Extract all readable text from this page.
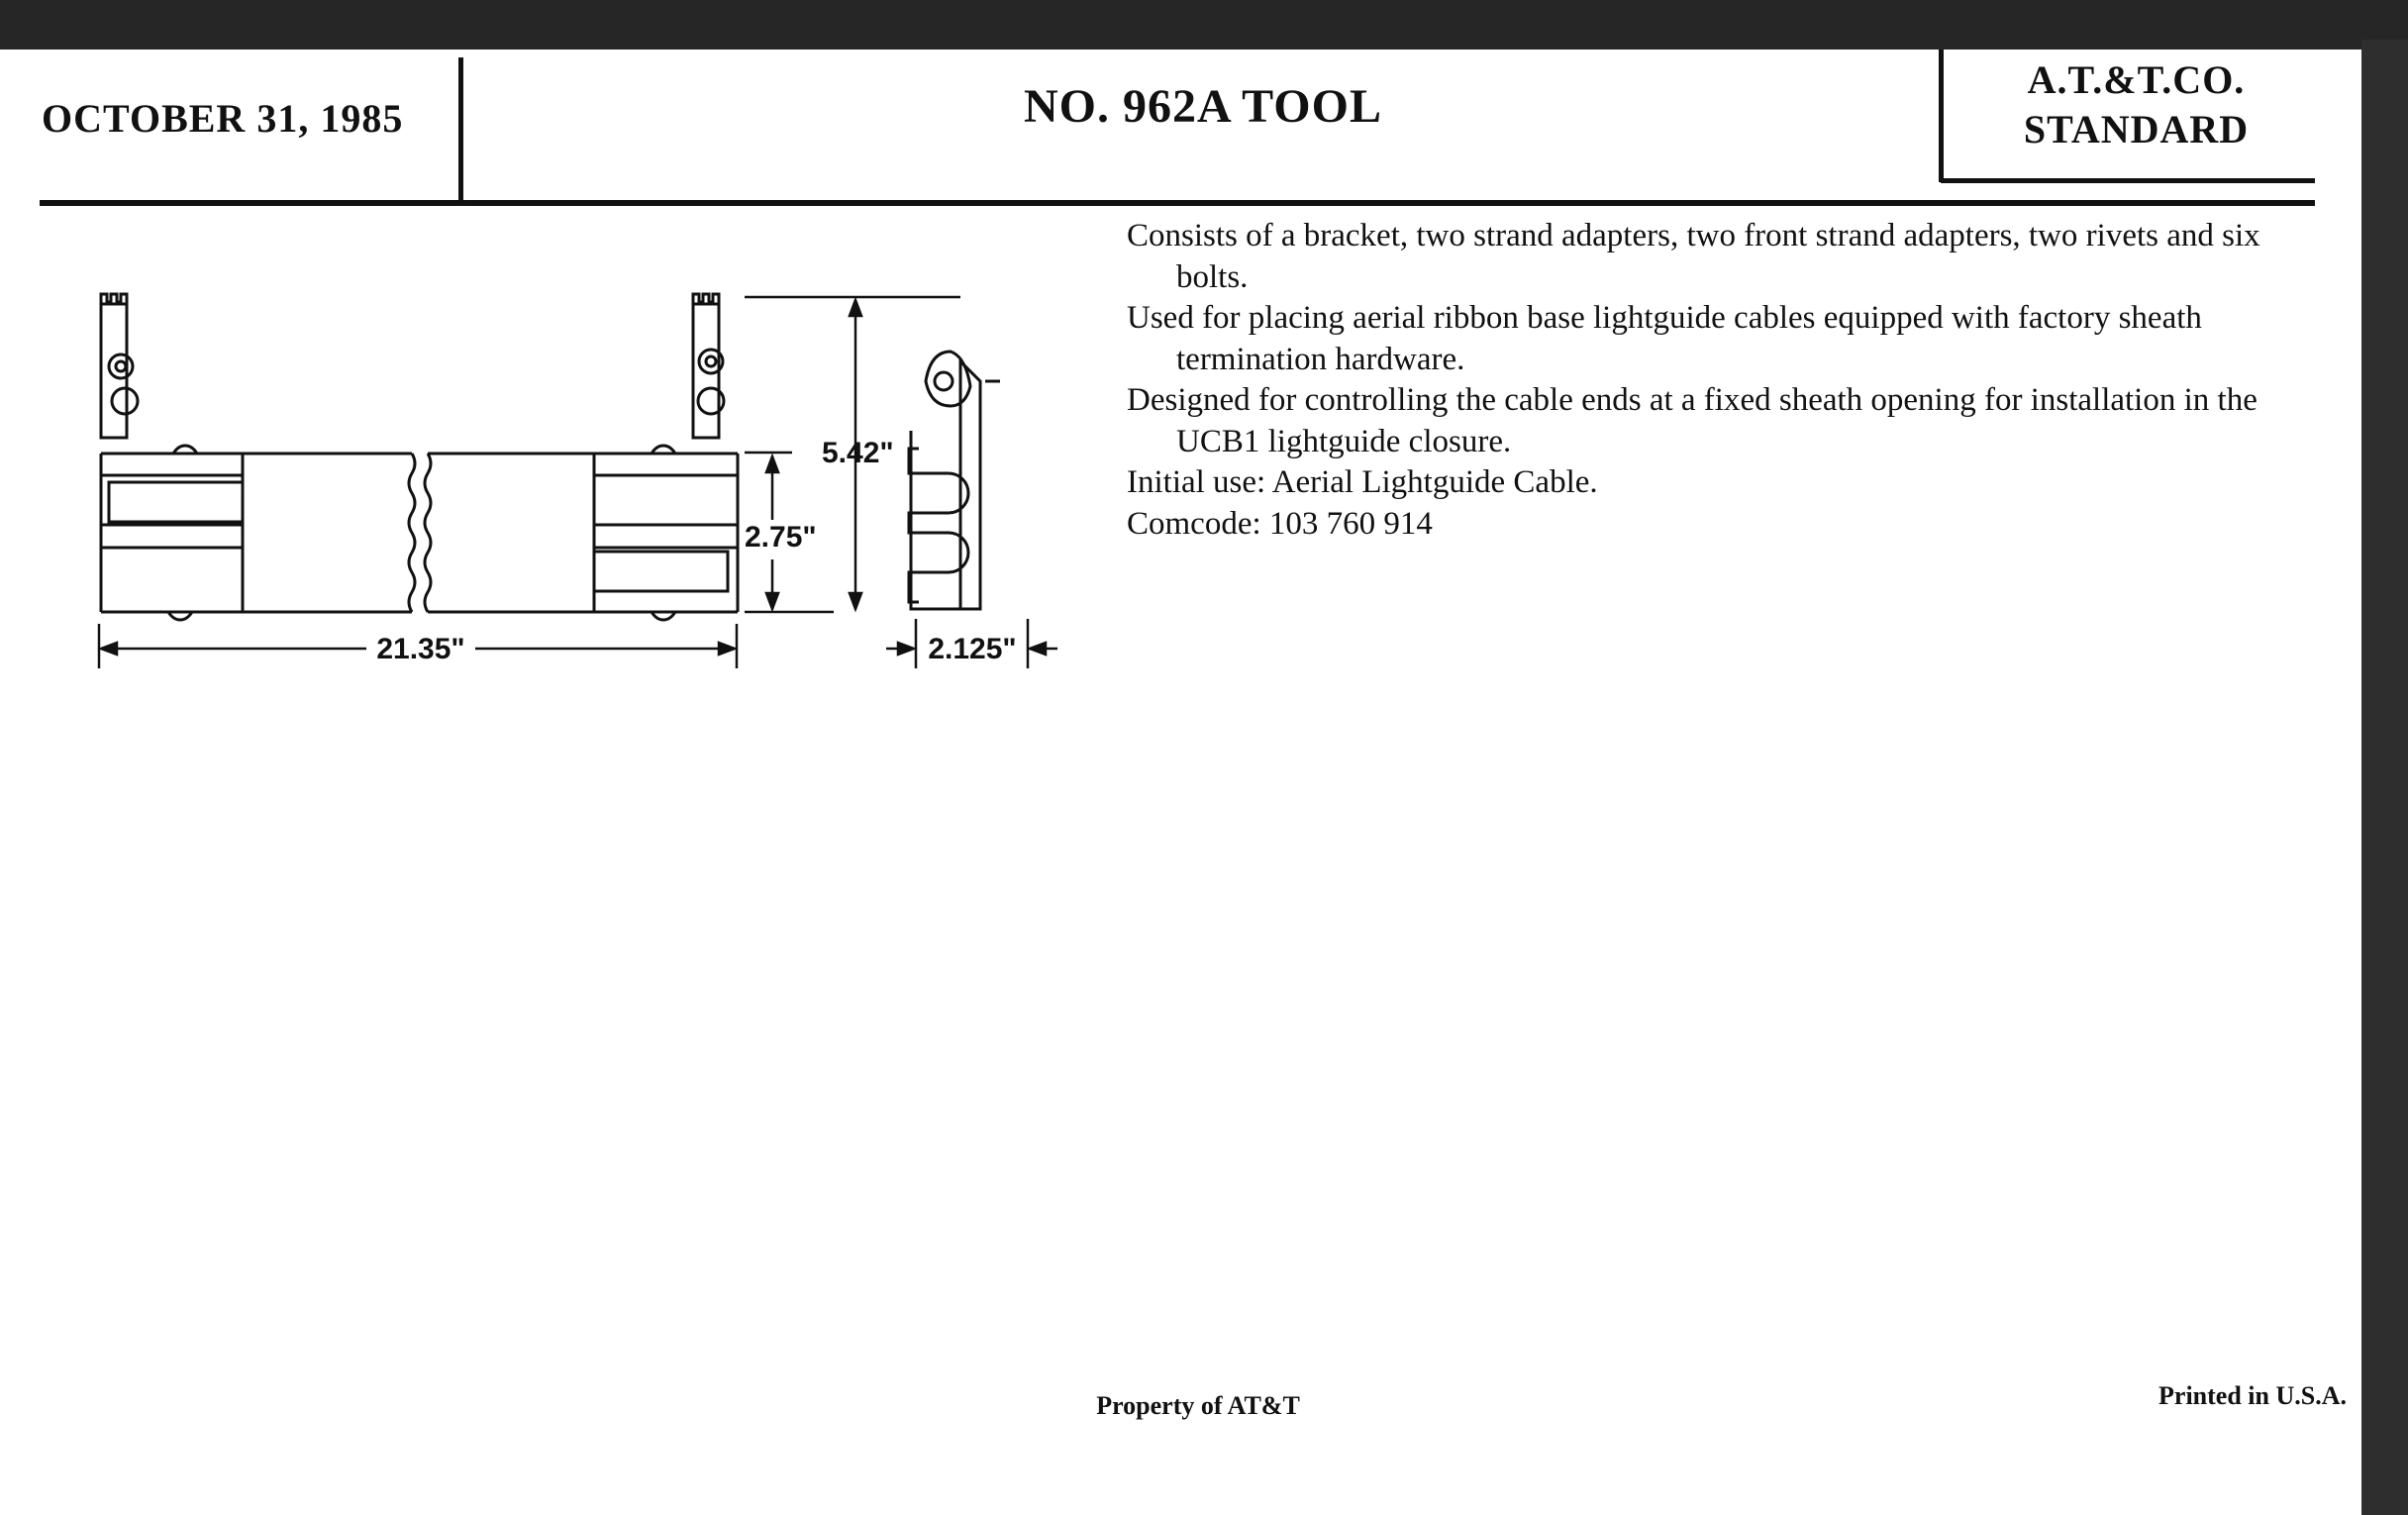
OCTOBER 31, 1985	NO. 962A TOOL
A.T.&T.CO.
STANDARD
21.35"
5.42"
2.75"
2.125"

Consists of a bracket, two strand adapters, two front strand adapters, two rivets and six bolts.

Used for placing aerial ribbon base lightguide cables equipped with factory sheath termination hardware.

Designed for controlling the cable ends at a fixed sheath opening for installation in the UCB1 lightguide closure.

Initial use: Aerial Lightguide Cable.

Comcode: 103 760 914

Property of AT&T	Printed in U.S.A.
